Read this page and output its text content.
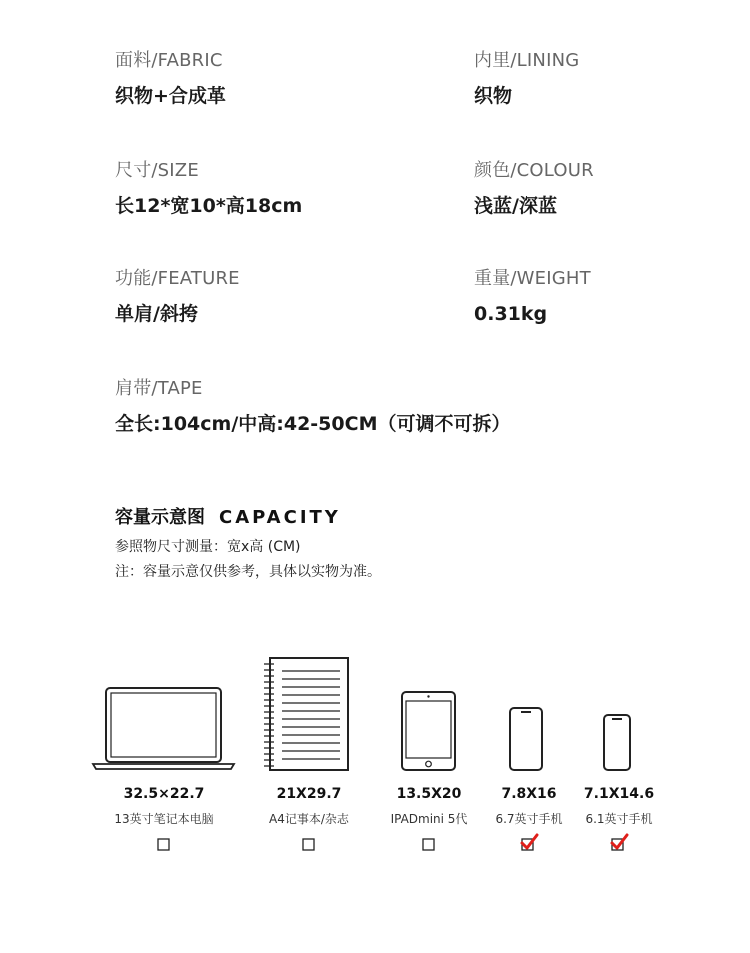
面料/FABRIC
织物+合成革
内里/LINING
织物
尺寸/SIZE
长12*宽10*高18cm
颜色/COLOUR
浅蓝/深蓝
功能/FEATURE
单肩/斜挎
重量/WEIGHT
0.31kg
肩带/TAPE
全长:104cm/中高:42-50CM（可调不可拆）
容量示意图 CAPACITY
参照物尺寸测量：宽x高 (CM)
注：容量示意仅供参考，具体以实物为准。
32.5×22.7
13英寸笔记本电脑
21X29.7
A4记事本/杂志
13.5X20
IPADmini 5代
7.8X16
6.7英寸手机
7.1X14.6
6.1英寸手机
